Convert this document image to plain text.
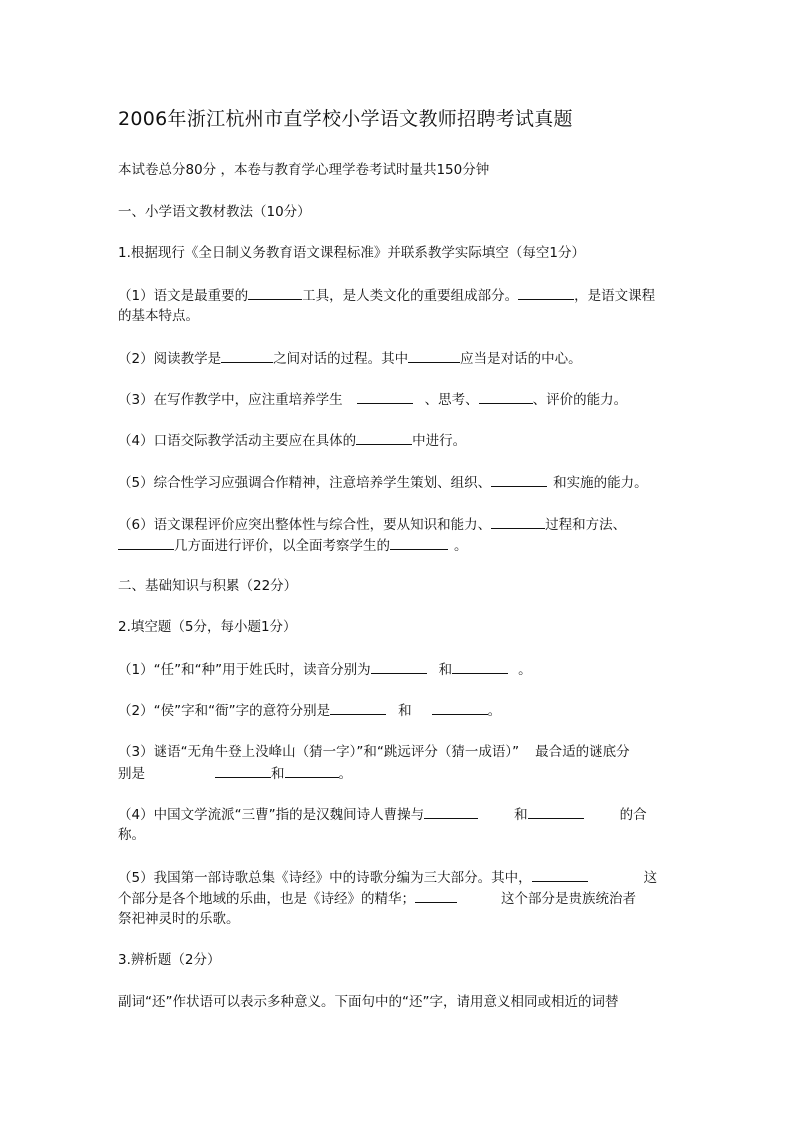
2006年浙江杭州市直学校小学语文教师招聘考试真题
本试卷总分80分 ，本卷与教育学心理学卷考试时量共150分钟
一、小学语文教材教法（10分）
1.根据现行《全日制义务教育语文课程标准》并联系教学实际填空（每空1分）
（1）语文是最重要的	工具，是人类文化的重要组成部分。	，是语文课程
的基本特点。
（2）阅读教学是	之间对话的过程。其中	应当是对话的中心。
（3）在写作教学中，应注重培养学生	、思考、	、评价的能力。
（4）口语交际教学活动主要应在具体的	中进行。
（5）综合性学习应强调合作精神，注意培养学生策划、组织、	和实施的能力。
（6）语文课程评价应突出整体性与综合性，要从知识和能力、	过程和方法、
几方面进行评价，以全面考察学生的	。
二、基础知识与积累（22分）
2.填空题（5分，每小题1分）
（1）“任”和“种”用于姓氏时，读音分别为	和	。
（2）“侯”字和“衙”字的意符分别是	和	。
（3）谜语“无角牛登上没峰山（猜一字）”和“跳远评分（猜一成语）” 最合适的谜底分
别是	和	。
（4）中国文学流派“三曹”指的是汉魏间诗人曹操与	和	的合
称。
（5）我国第一部诗歌总集《诗经》中的诗歌分编为三大部分。其中，	这
个部分是各个地域的乐曲，也是《诗经》的精华；	这个部分是贵族统治者
祭祀神灵时的乐歌。
3.辨析题（2分）
副词“还”作状语可以表示多种意义。下面句中的“还”字，请用意义相同或相近的词替
